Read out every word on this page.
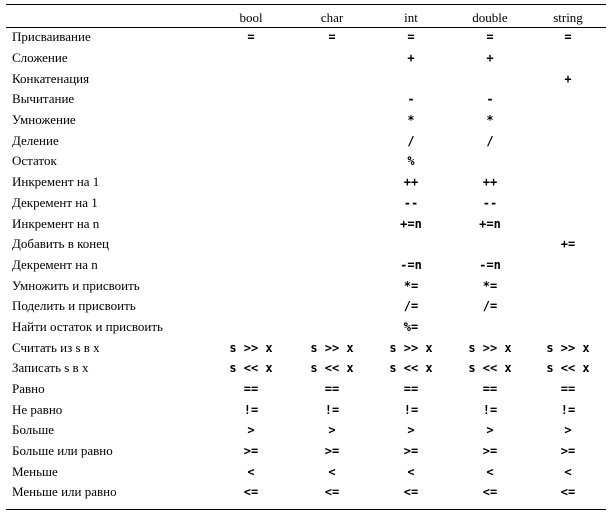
	bool	char	int	double	string
Присваивание	=	=	=	=	=
Сложение			+	+	
Конкатенация					+
Вычитание			-	-	
Умножение			*	*	
Деление			/	/	
Остаток			%		
Инкремент на 1			++	++	
Декремент на 1			--	--	
Инкремент на n			+=n	+=n	
Добавить в конец					+=
Декремент на n			-=n	-=n	
Умножить и присвоить			*=	*=	
Поделить и присвоить			/=	/=	
Найти остаток и присвоить			%=		
Считать из s в x	s >> x	s >> x	s >> x	s >> x	s >> x
Записать s в x	s << x	s << x	s << x	s << x	s << x
Равно	==	==	==	==	==
Не равно	!=	!=	!=	!=	!=
Больше	>	>	>	>	>
Больше или равно	>=	>=	>=	>=	>=
Меньше	<	<	<	<	<
Меньше или равно	<=	<=	<=	<=	<=
